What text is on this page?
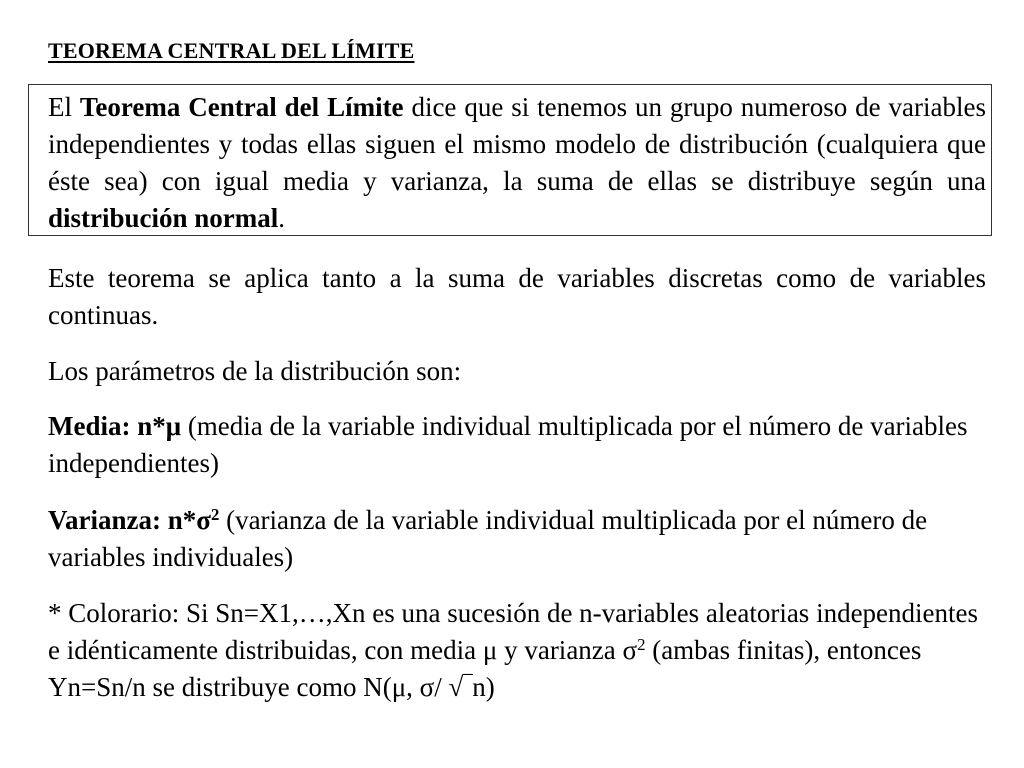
TEOREMA CENTRAL DEL LÍMITE
El Teorema Central del Límite dice que si tenemos un grupo numeroso de variables independientes y todas ellas siguen el mismo modelo de distribución (cualquiera que éste sea) con igual media y varianza, la suma de ellas se distribuye según una distribución normal.
Este teorema se aplica tanto a la suma de variables discretas como de variables continuas.
Los parámetros de la distribución son:
Media: n*μ (media de la variable individual multiplicada por el número de variables independientes)
Varianza: $n*\sigma^2$ (varianza de la variable individual multiplicada por el número de variables individuales)
* Colorario: Si Sn=X1,…,Xn es una sucesión de n-variables aleatorias independientes e idénticamente distribuidas, con media μ y varianza $\sigma^2$ (ambas finitas), entonces Yn=Sn/n se distribuye como N(μ, σ/ √‾n)
